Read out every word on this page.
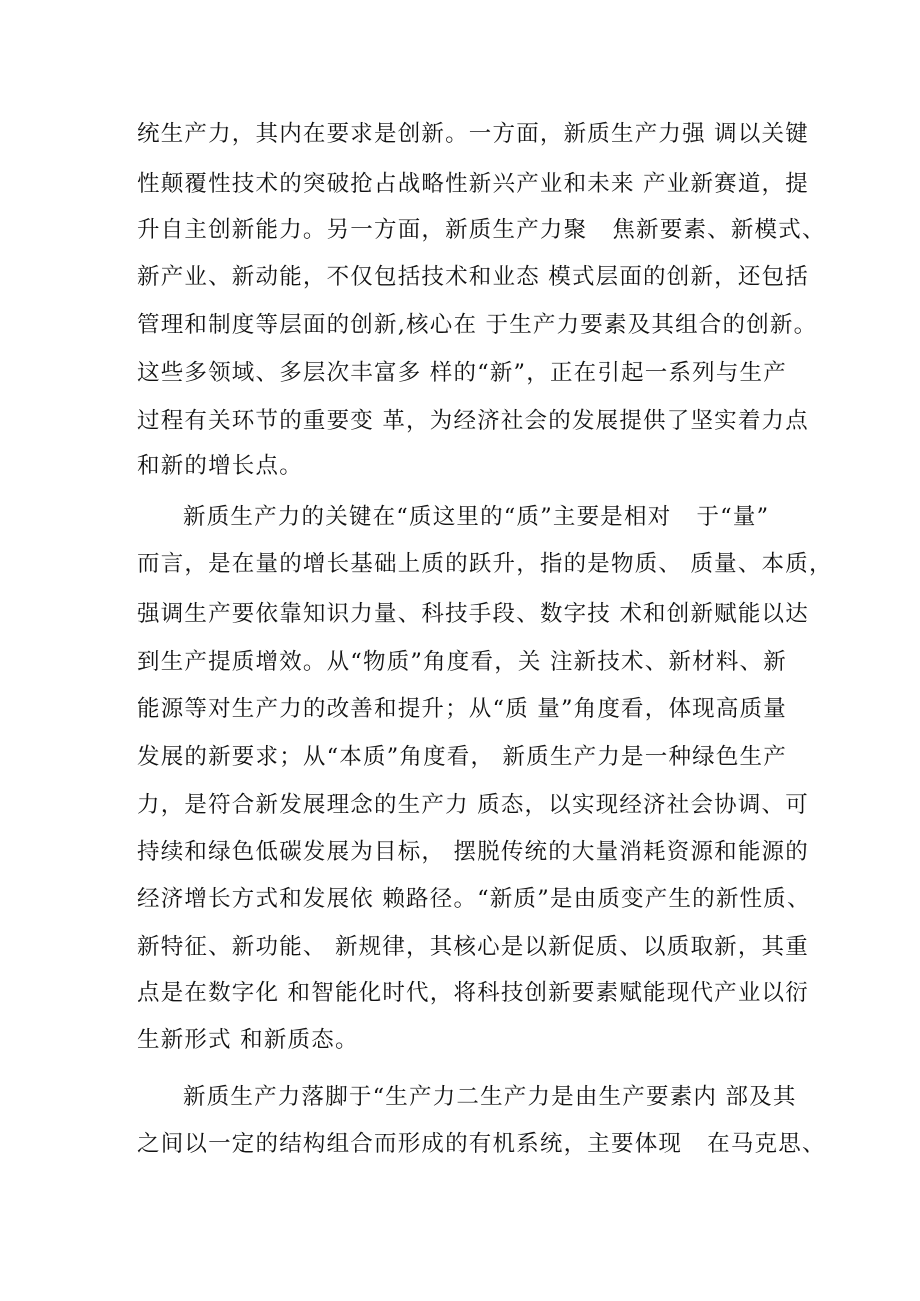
统生产力，其内在要求是创新。一方面，新质生产力强 调以关键
性颠覆性技术的突破抢占战略性新兴产业和未来 产业新赛道，提
升自主创新能力。另一方面，新质生产力聚   焦新要素、新模式、
新产业、新动能，不仅包括技术和业态 模式层面的创新，还包括
管理和制度等层面的创新,核心在 于生产力要素及其组合的创新。
这些多领域、多层次丰富多 样的“新”，正在引起一系列与生产
过程有关环节的重要变 革，为经济社会的发展提供了坚实着力点
和新的增长点。
新质生产力的关键在“质这里的“质”主要是相对   于“量”
而言，是在量的增长基础上质的跃升，指的是物质、 质量、本质，
强调生产要依靠知识力量、科技手段、数字技 术和创新赋能以达
到生产提质增效。从“物质”角度看，关 注新技术、新材料、新
能源等对生产力的改善和提升；从“质 量”角度看，体现高质量
发展的新要求；从“本质”角度看， 新质生产力是一种绿色生产
力，是符合新发展理念的生产力 质态，以实现经济社会协调、可
持续和绿色低碳发展为目标， 摆脱传统的大量消耗资源和能源的
经济增长方式和发展依 赖路径。“新质”是由质变产生的新性质、
新特征、新功能、 新规律，其核心是以新促质、以质取新，其重
点是在数字化 和智能化时代，将科技创新要素赋能现代产业以衍
生新形式 和新质态。
新质生产力落脚于“生产力二生产力是由生产要素内 部及其
之间以一定的结构组合而形成的有机系统，主要体现   在马克思、
